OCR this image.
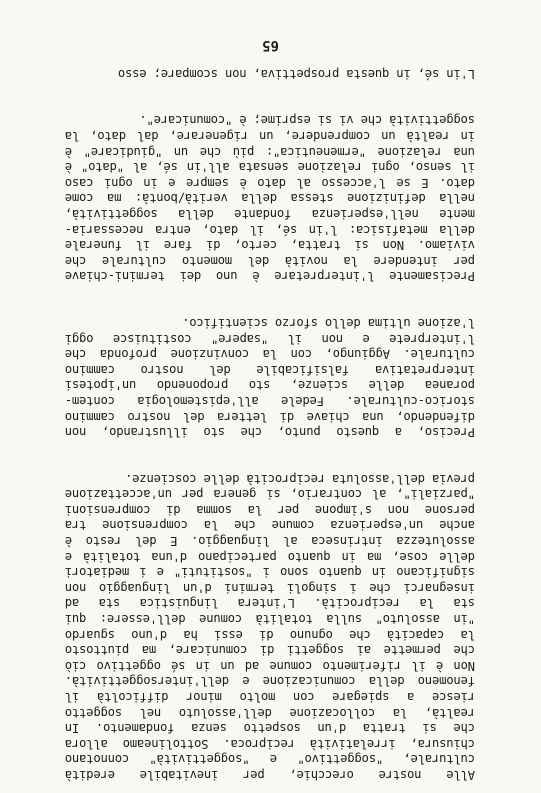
Alle nostre orecchie, per inevitabile eredità
culturale, "soggettivo" e "soggettività" connotano
chiusura, irrelatività reciproca. Sottolineamo allora
che si tratta d'un sospetto senza fondamento. In
realtà, la collocazione dell'assoluto nel soggetto
riesce a spiegare con molto minor difficoltà il
fenomeno della comunicazione e dell'intersoggettività.
Non è il riferimento comune ad un in sé oggettivo ciò
che permette ai soggetti di comunicare, ma piuttosto
la capacità che ognuno di essi ha d'uno sguardo
"in assoluto" sulla totalità comune dell'essere: qui
sta la reciprocità. L'intera linguistica sta ad
insegnarci che i singoli termini d'un linguaggio non
significano in quanto sono i "sostituti" e i mediatori
delle cose, ma in quanto partecipano d'una totalità e
assolutezza intrinseca al linguaggio. E del resto è
anche un'esperienza comune che la comprensione tra
persone non s'impone per la somma di comprensioni
"parziali", al contrario, si genera per un'accettazione
previa dell'assoluta reciprocità delle coscienze.
Preciso, a questo punto, che sto illustrando, non
difendendo, una chiave di lettera del nostro cammino
storico-culturale. Fedele all'epistemologia contem-
poranea delle scienze, sto proponendo un'ipotesi
interpretativa falsificabile del nostro cammino
culturale. Aggiungo, con la convinzione profonda che
l'interprete e non il "sapere" costituisce oggi
l'azione ultima dello sforzo scientifico.
Precisamente l'interpretare è uno dei termini-chiave
per intendere la novità del momento culturale che
viviamo. Non si tratta, certo, di fare il funerale
della metafisica: l'in sé, il dato, entra necessaria-
mente nell'esperienza fondante della soggettività,
nella definizione stessa della verità/bontà: ma come
dato. E se l'accesso al dato è sempre e in ogni caso
il senso, ogni relazione sensata all'in sé, al "dato" è
una relazione "ermeneutica": più che un "giudicare" è
in realtà un comprendere, un rigenerare, dal dato, la
soggettività che vi si esprime; è "comunicare".
L'in sé, in questa prospettiva, non scompare; esso
65
